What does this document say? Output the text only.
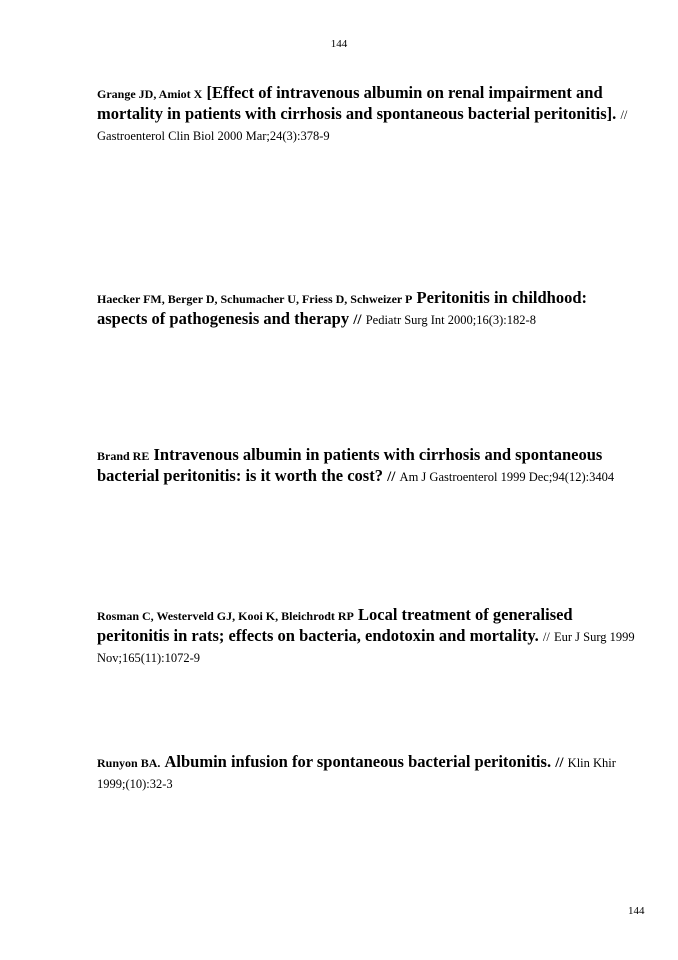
144
Grange JD, Amiot X [Effect of intravenous albumin on renal impairment and mortality in patients with cirrhosis and spontaneous bacterial peritonitis]. //
Gastroenterol Clin Biol 2000 Mar;24(3):378-9
Haecker FM, Berger D, Schumacher U, Friess D, Schweizer P Peritonitis in childhood: aspects of pathogenesis and therapy // Pediatr Surg Int 2000;16(3):182-8
Brand RE Intravenous albumin in patients with cirrhosis and spontaneous bacterial peritonitis: is it worth the cost? // Am J Gastroenterol 1999 Dec;94(12):3404
Rosman C, Westerveld GJ, Kooi K, Bleichrodt RP Local treatment of generalised peritonitis in rats; effects on bacteria, endotoxin and mortality. // Eur J Surg 1999 Nov;165(11):1072-9
Runyon BA. Albumin infusion for spontaneous bacterial peritonitis. // Klin Khir 1999;(10):32-3
144
